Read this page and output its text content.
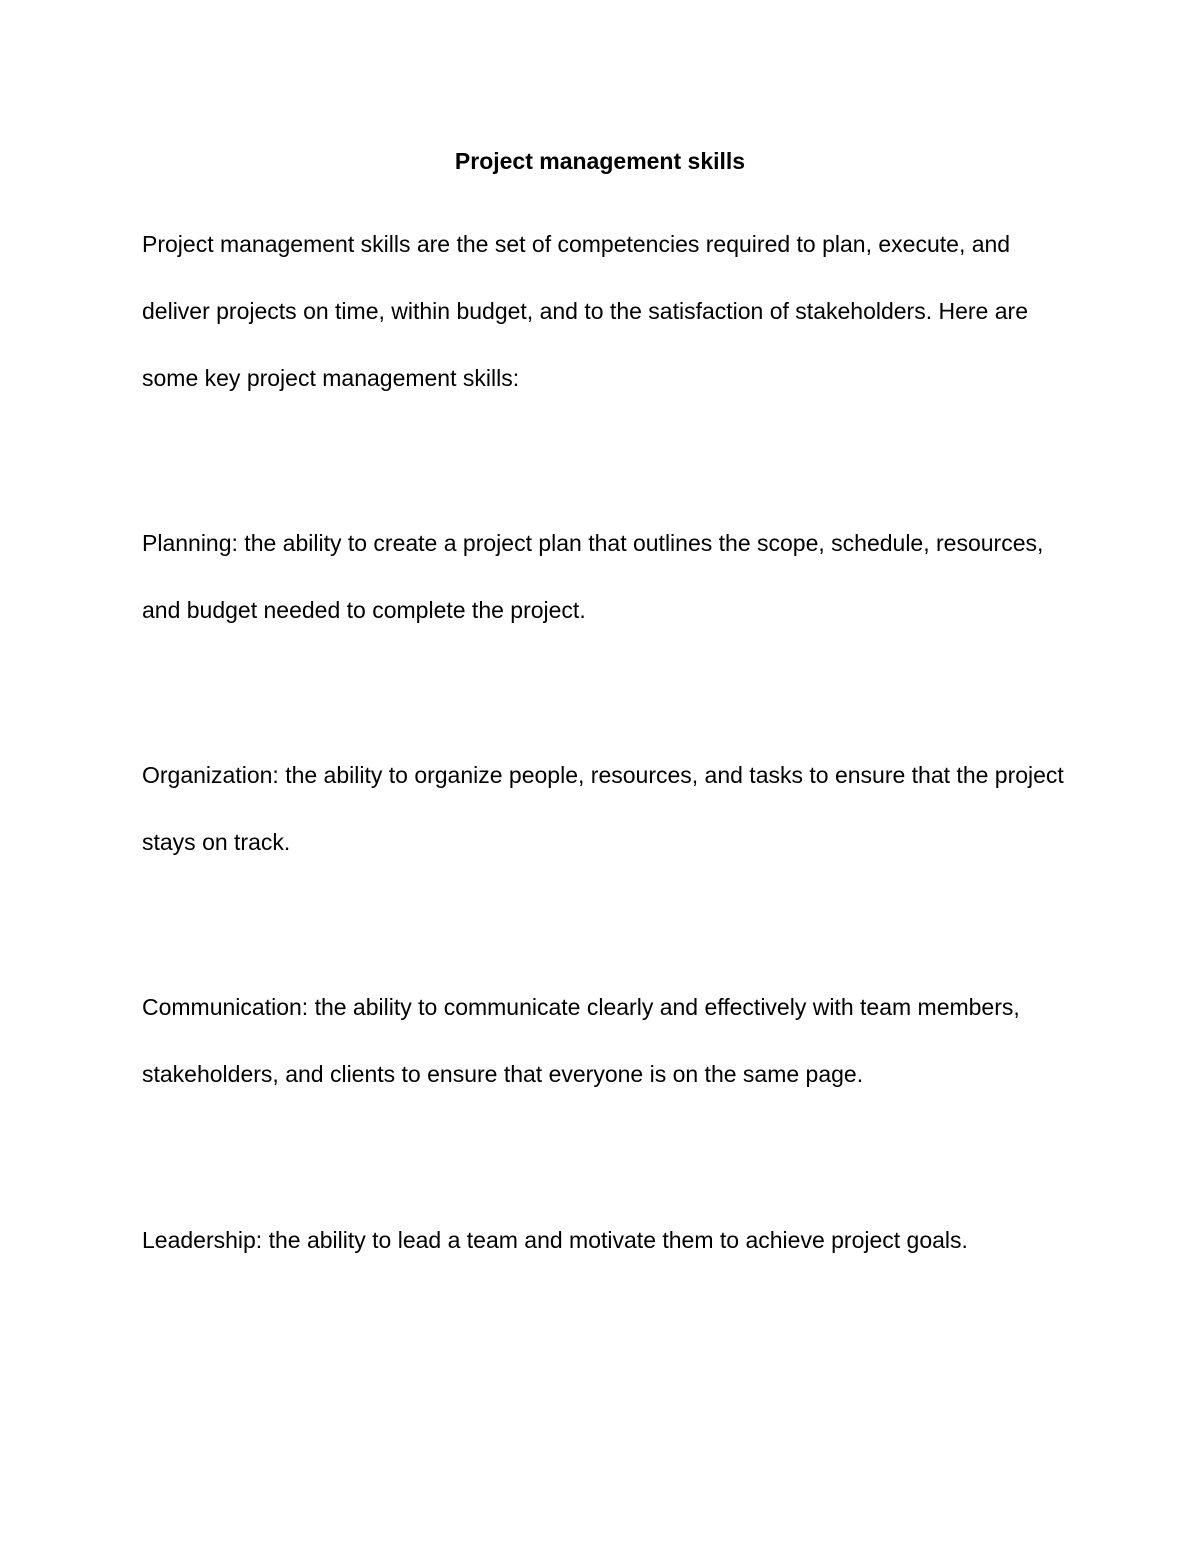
Project management skills

Project management skills are the set of competencies required to plan, execute, and deliver projects on time, within budget, and to the satisfaction of stakeholders. Here are some key project management skills:

Planning: the ability to create a project plan that outlines the scope, schedule, resources, and budget needed to complete the project.

Organization: the ability to organize people, resources, and tasks to ensure that the project stays on track.

Communication: the ability to communicate clearly and effectively with team members, stakeholders, and clients to ensure that everyone is on the same page.

Leadership: the ability to lead a team and motivate them to achieve project goals.
